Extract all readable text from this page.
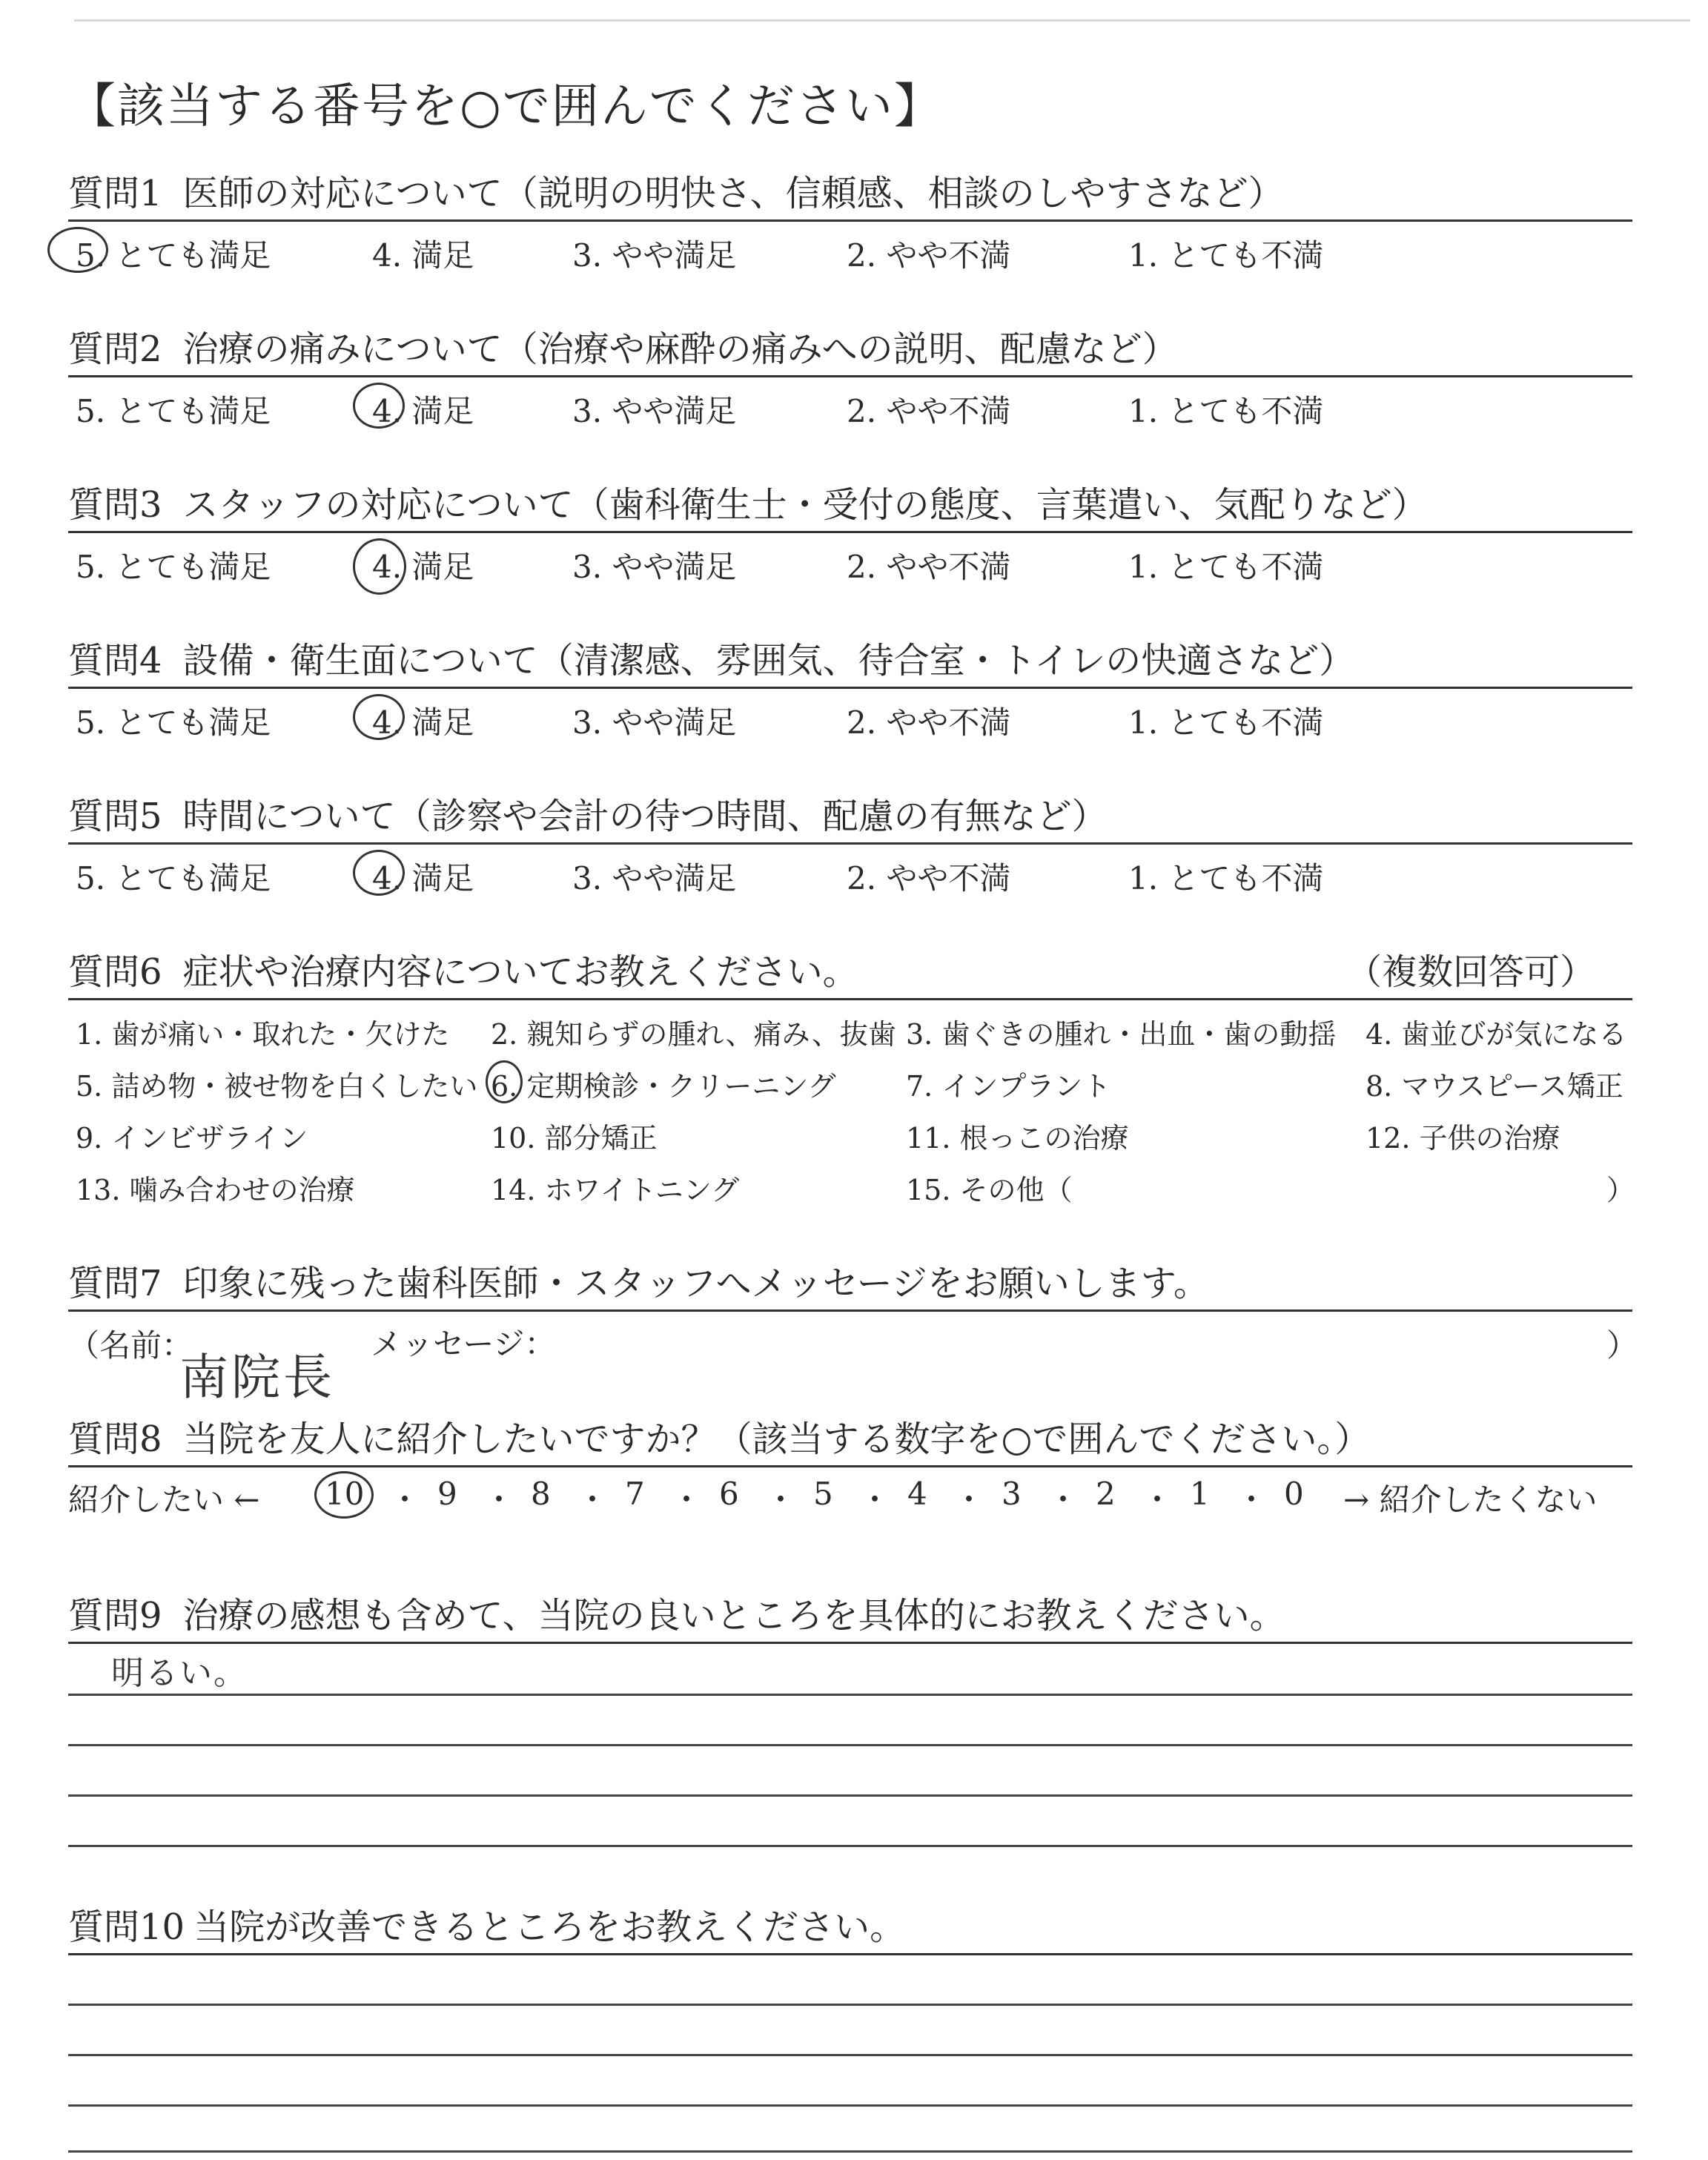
【該当する番号を○で囲んでください】
質問1 医師の対応について（説明の明快さ、信頼感、相談のしやすさなど）
5. とても満足	4. 満足	3. やや満足	2. やや不満	1. とても不満
質問2 治療の痛みについて（治療や麻酔の痛みへの説明、配慮など）
5. とても満足	4. 満足	3. やや満足	2. やや不満	1. とても不満
質問3 スタッフの対応について（歯科衛生士・受付の態度、言葉遣い、気配りなど）
5. とても満足	4. 満足	3. やや満足	2. やや不満	1. とても不満
質問4 設備・衛生面について（清潔感、雰囲気、待合室・トイレの快適さなど）
5. とても満足	4. 満足	3. やや満足	2. やや不満	1. とても不満
質問5 時間について（診察や会計の待つ時間、配慮の有無など）
5. とても満足	4. 満足	3. やや満足	2. やや不満	1. とても不満
質問6 症状や治療内容についてお教えください。	（複数回答可）
1. 歯が痛い・取れた・欠けた 2. 親知らずの腫れ、痛み、抜歯 3. 歯ぐきの腫れ・出血・歯の動揺 4. 歯並びが気になる
5. 詰め物・被せ物を白くしたい 6. 定期検診・クリーニング 7. インプラント	8. マウスピース矯正
9. インビザライン	10. 部分矯正	11. 根っこの治療	12. 子供の治療
13. 噛み合わせの治療	14. ホワイトニング	15. その他（	）
質問7 印象に残った歯科医師・スタッフへメッセージをお願いします。
（名前：	メッセージ：	）
南院長
質問8 当院を友人に紹介したいですか？（該当する数字を○で囲んでください。）
紹介したい ← 10 ・ 9 ・ 8 ・ 7 ・ 6 ・ 5 ・ 4 ・ 3 ・ 2 ・ 1 ・ 0 → 紹介したくない
質問9 治療の感想も含めて、当院の良いところを具体的にお教えください。
明るい。
質問10 当院が改善できるところをお教えください。
